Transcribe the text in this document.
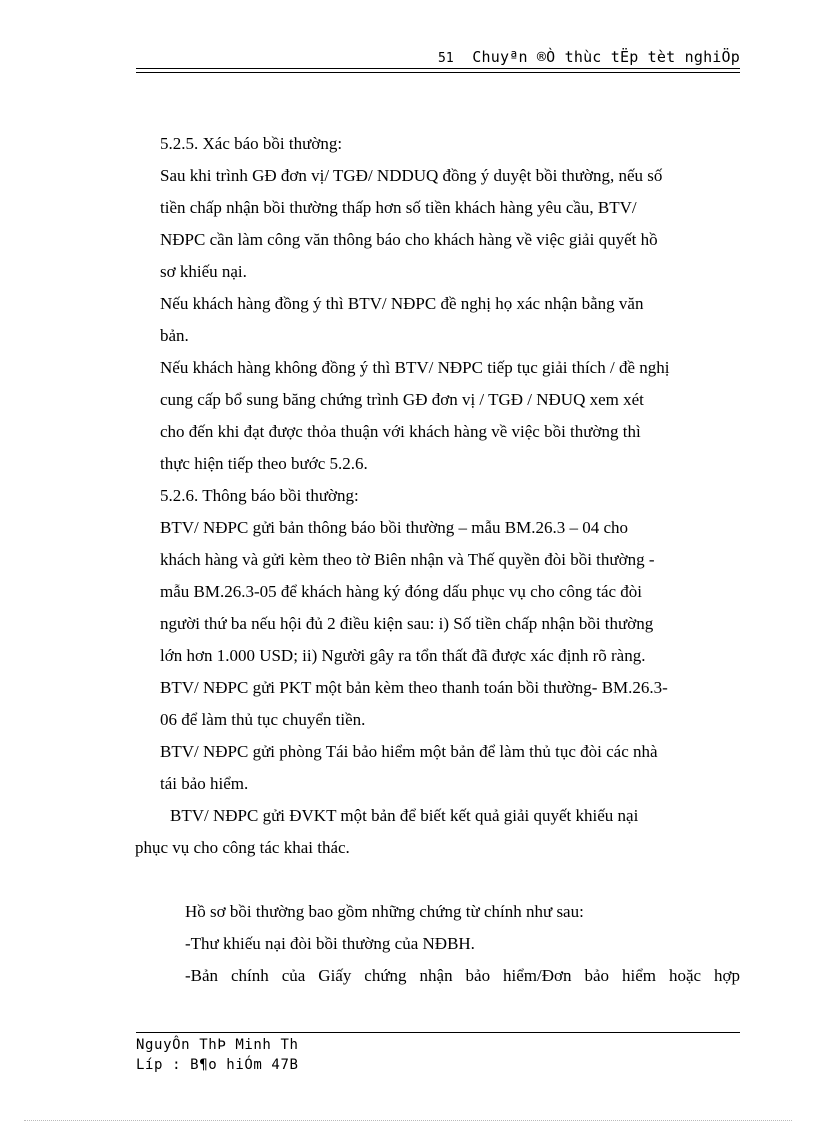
Chuyªn ®Ò thùc tËp tèt nghiÖp
51
5.2.5. Xác báo bồi thường:
Sau khi trình GĐ đơn vị/ TGĐ/ NDDUQ đồng ý duyệt bồi thường, nếu số
tiền chấp nhận bồi thường thấp hơn số tiền khách hàng yêu cầu, BTV/
NĐPC cần làm công văn thông báo cho khách hàng về việc giải quyết hồ
sơ khiếu nại.
Nếu khách hàng đồng ý thì BTV/ NĐPC đề nghị họ xác nhận bằng văn
bản.
Nếu khách hàng không đồng ý thì BTV/ NĐPC tiếp tục giải thích / đề nghị
cung cấp bổ sung băng chứng trình GĐ đơn vị / TGĐ / NĐUQ xem xét
cho đến khi đạt được thỏa thuận với khách hàng về việc bồi thường thì
thực hiện tiếp theo bước 5.2.6.
5.2.6. Thông báo bồi thường:
BTV/ NĐPC gửi bản thông báo bồi thường – mẫu BM.26.3 – 04 cho
khách hàng và gửi kèm theo tờ Biên nhận và Thế quyền đòi bồi thường -
mẫu BM.26.3-05 để khách hàng ký đóng dấu phục vụ cho công tác đòi
người thứ ba nếu hội đủ 2 điều kiện sau: i) Số tiền chấp nhận bồi thường
lớn hơn 1.000 USD; ii) Người gây ra tổn thất đã được xác định rõ ràng.
BTV/ NĐPC gửi PKT một bản kèm theo thanh toán bồi thường- BM.26.3-
06 để làm thủ tục chuyển tiền.
BTV/ NĐPC gửi phòng Tái bảo hiểm một bản để làm thủ tục đòi các nhà
tái bảo hiểm.
BTV/ NĐPC gửi ĐVKT một bản để biết kết quả giải quyết khiếu nại
phục vụ cho công tác khai thác.
Hồ sơ bồi thường bao gồm những chứng từ chính như sau:
-Thư khiếu nại đòi bồi thường của NĐBH.
-Bản chính của Giấy chứng nhận bảo hiểm/Đơn bảo hiểm hoặc hợp
NguyÔn ThÞ Minh Th
Líp : B¶o hiÓm 47B
